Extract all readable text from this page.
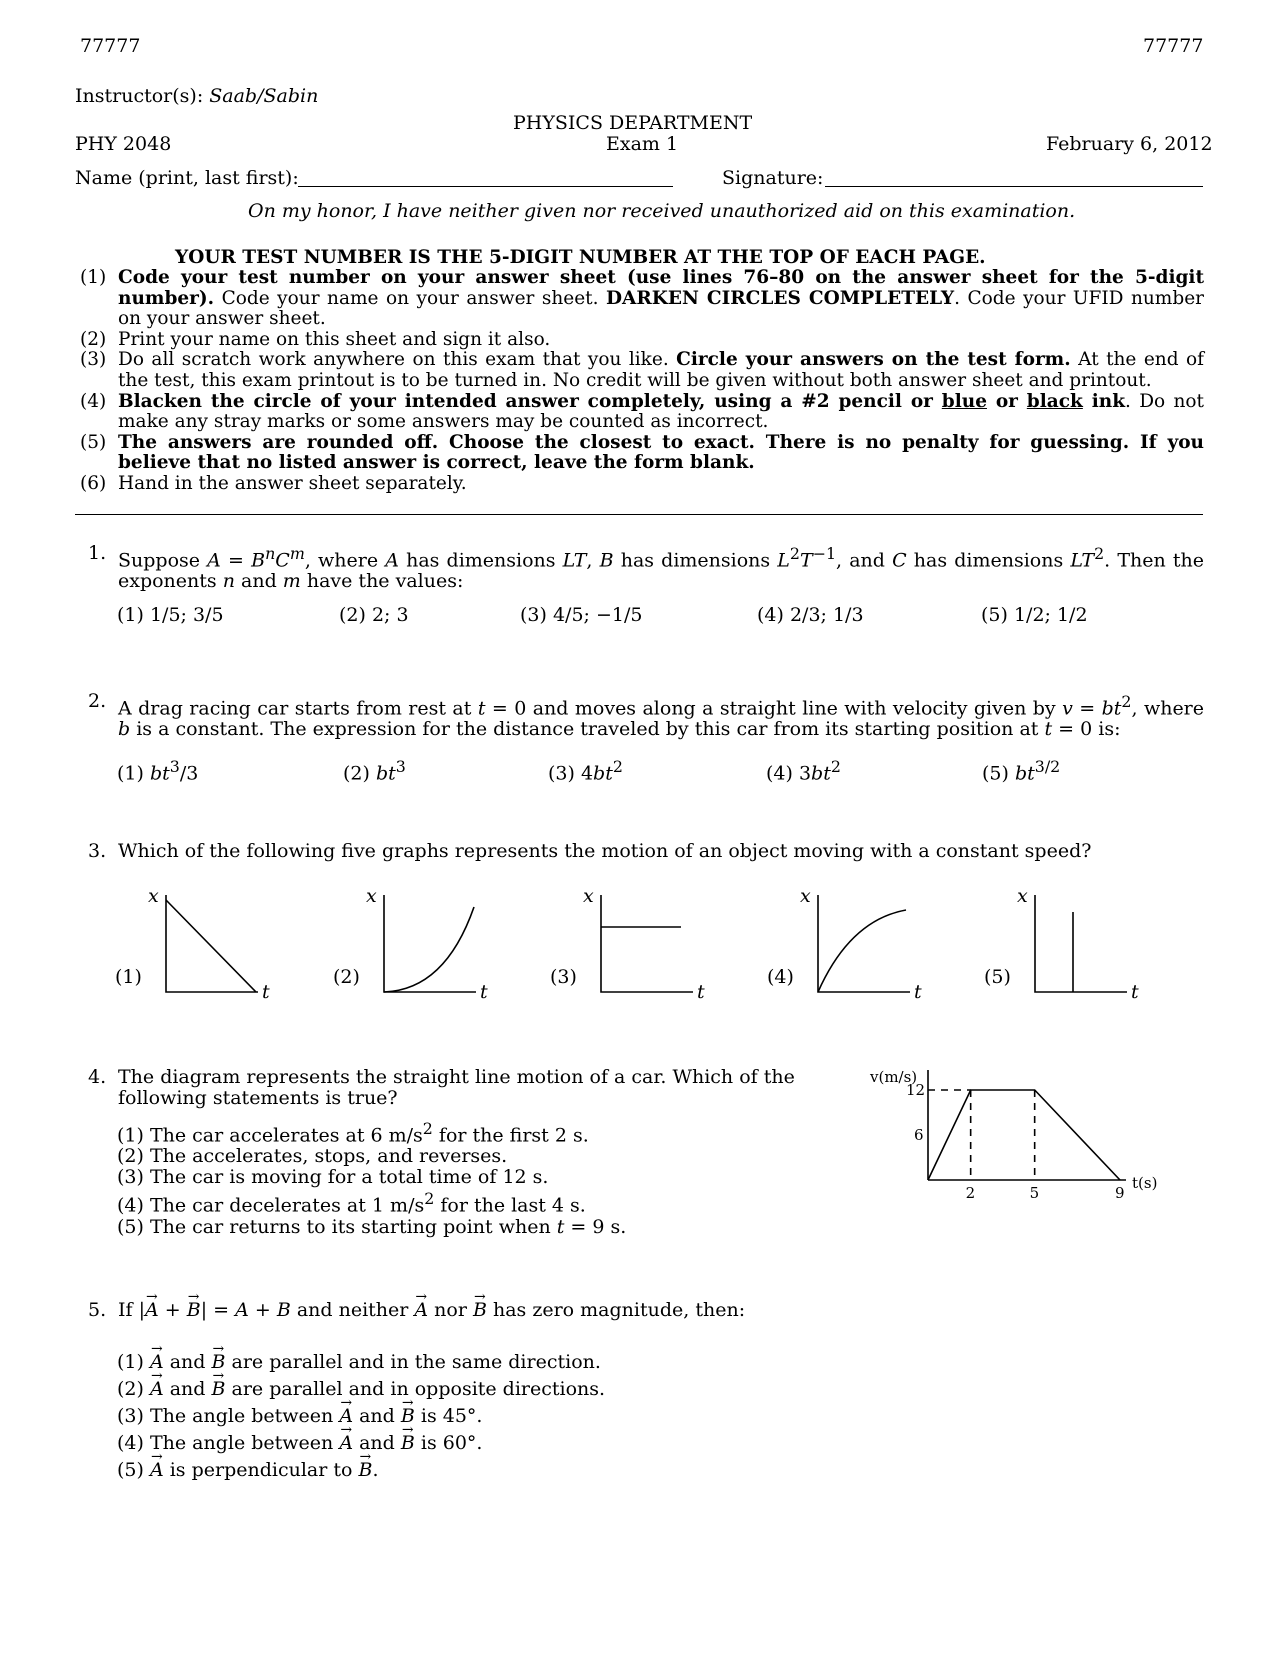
77777	77777
Instructor(s): Saab/Sabin
PHYSICS DEPARTMENT
PHY 2048	Exam 1	February 6, 2012
Name (print, last first):	Signature:
On my honor, I have neither given nor received unauthorized aid on this examination.
YOUR TEST NUMBER IS THE 5-DIGIT NUMBER AT THE TOP OF EACH PAGE.
(1) Code your test number on your answer sheet (use lines 76–80 on the answer sheet for the 5-digit number). Code your name on your answer sheet. DARKEN CIRCLES COMPLETELY. Code your UFID number on your answer sheet.
(2) Print your name on this sheet and sign it also.
(3) Do all scratch work anywhere on this exam that you like. Circle your answers on the test form. At the end of the test, this exam printout is to be turned in. No credit will be given without both answer sheet and printout.
(4) Blacken the circle of your intended answer completely, using a #2 pencil or blue or black ink. Do not make any stray marks or some answers may be counted as incorrect.
(5) The answers are rounded off. Choose the closest to exact. There is no penalty for guessing. If you believe that no listed answer is correct, leave the form blank.
(6) Hand in the answer sheet separately.
1. Suppose $A = B^nC^m$, where A has dimensions LT, B has dimensions $L^2T^{-1}$, and C has dimensions $LT^2$. Then the exponents n and m have the values:
(1) 1/5; 3/5	(2) 2; 3	(3) 4/5; −1/5	(4) 2/3; 1/3	(5) 1/2; 1/2
2. A drag racing car starts from rest at t = 0 and moves along a straight line with velocity given by $v = bt^2$, where b is a constant. The expression for the distance traveled by this car from its starting position at t = 0 is:
(1) $bt^3/3$	(2) $bt^3$	(3) $4bt^2$	(4) $3bt^2$	(5) $bt^{3/2}$
3. Which of the following five graphs represents the motion of an object moving with a constant speed?
(1)	(2)	(3)	(4)	(5)
x	x	x	x	x
t	t	t	t	t
4. The diagram represents the straight line motion of a car. Which of the following statements is true?
(1) The car accelerates at 6 $m/s^2$ for the first 2 s.
(2) The accelerates, stops, and reverses.
(3) The car is moving for a total time of 12 s.
(4) The car decelerates at 1 $m/s^2$ for the last 4 s.
(5) The car returns to its starting point when t = 9 s.
v(m/s)
t(s)
6
12
2	5	9
5. If |→ A + → B| = A + B and neither → A nor → B has zero magnitude, then:
(1) → A and → B are parallel and in the same direction.
(2) → A and → B are parallel and in opposite directions.
(3) The angle between → A and → B is 45°.
(4) The angle between → A and → B is 60°.
(5) → A is perpendicular to → B.
